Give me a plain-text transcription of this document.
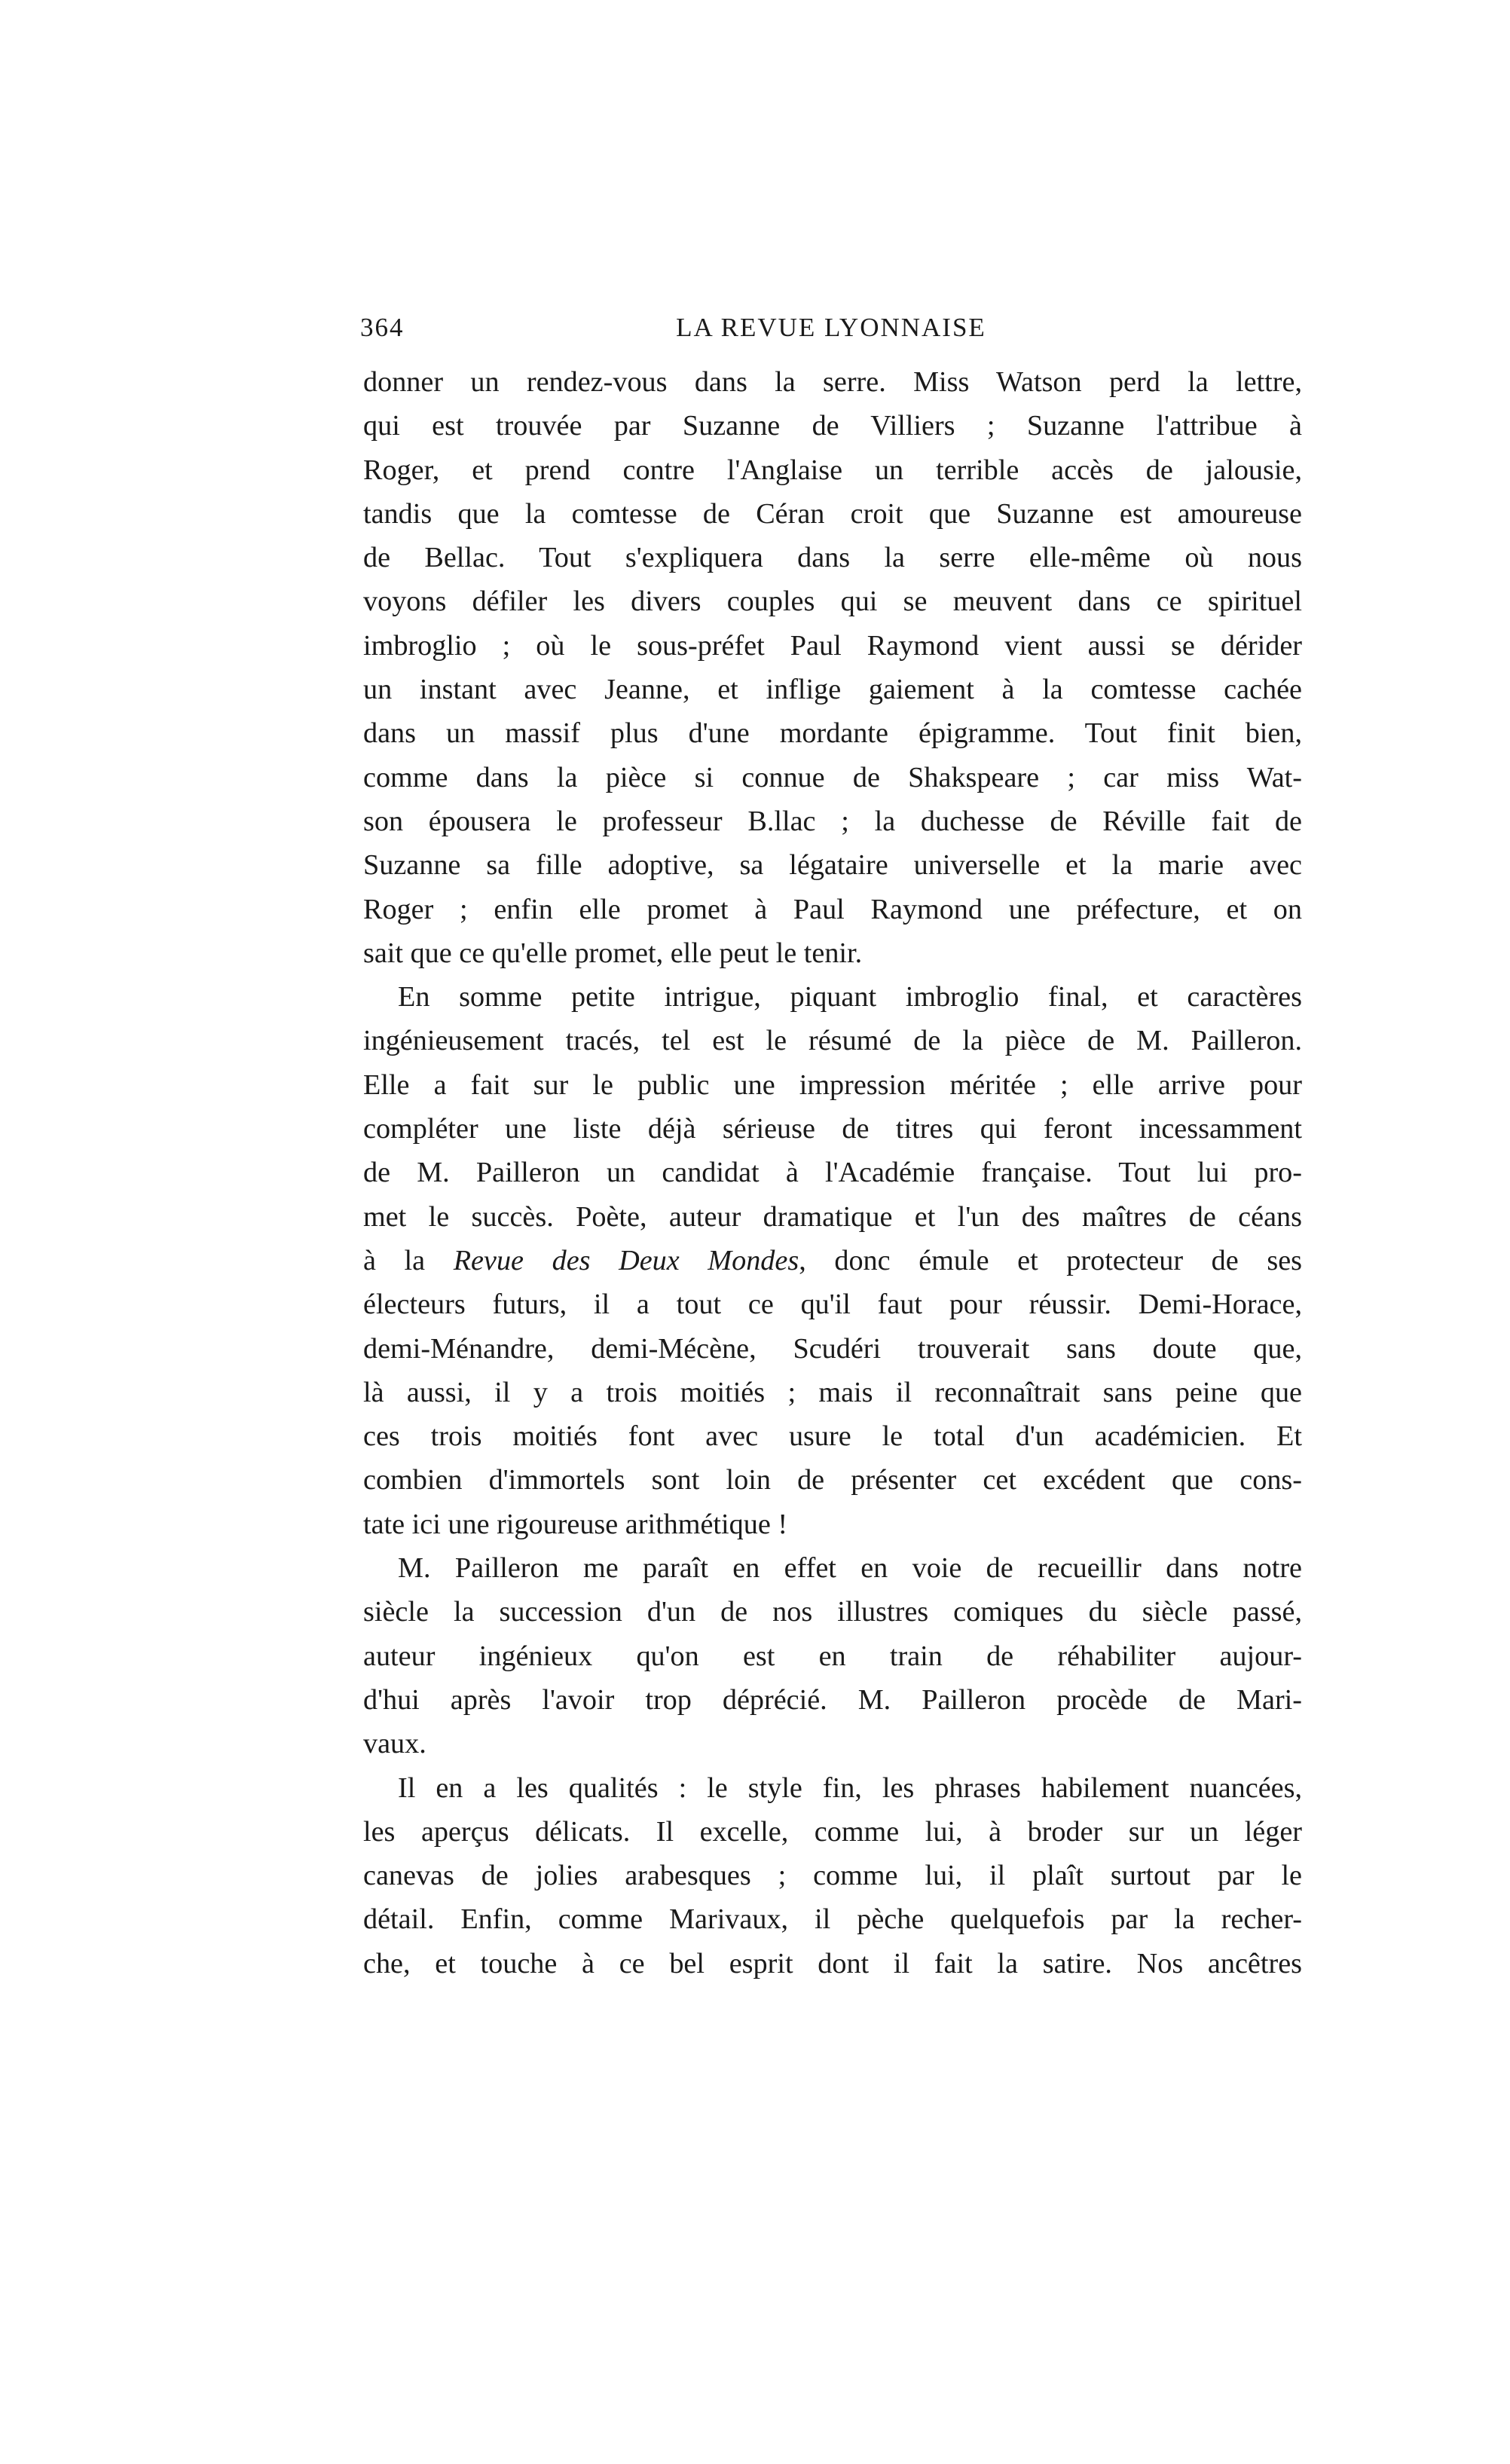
364	LA REVUE LYONNAISE
donner un rendez-vous dans la serre. Miss Watson perd la lettre,
qui est trouvée par Suzanne de Villiers ; Suzanne l'attribue à
Roger, et prend contre l'Anglaise un terrible accès de jalousie,
tandis que la comtesse de Céran croit que Suzanne est amoureuse
de Bellac. Tout s'expliquera dans la serre elle-même où nous
voyons défiler les divers couples qui se meuvent dans ce spirituel
imbroglio ; où le sous-préfet Paul Raymond vient aussi se dérider
un instant avec Jeanne, et inflige gaiement à la comtesse cachée
dans un massif plus d'une mordante épigramme. Tout finit bien,
comme dans la pièce si connue de Shakspeare ; car miss Wat-
son épousera le professeur B.llac ; la duchesse de Réville fait de
Suzanne sa fille adoptive, sa légataire universelle et la marie avec
Roger ; enfin elle promet à Paul Raymond une préfecture, et on
sait que ce qu'elle promet, elle peut le tenir.
En somme petite intrigue, piquant imbroglio final, et caractères
ingénieusement tracés, tel est le résumé de la pièce de M. Pailleron.
Elle a fait sur le public une impression méritée ; elle arrive pour
compléter une liste déjà sérieuse de titres qui feront incessamment
de M. Pailleron un candidat à l'Académie française. Tout lui pro-
met le succès. Poète, auteur dramatique et l'un des maîtres de céans
à la Revue des Deux Mondes, donc émule et protecteur de ses
électeurs futurs, il a tout ce qu'il faut pour réussir. Demi-Horace,
demi-Ménandre, demi-Mécène, Scudéri trouverait sans doute que,
là aussi, il y a trois moitiés ; mais il reconnaîtrait sans peine que
ces trois moitiés font avec usure le total d'un académicien. Et
combien d'immortels sont loin de présenter cet excédent que cons-
tate ici une rigoureuse arithmétique !
M. Pailleron me paraît en effet en voie de recueillir dans notre
siècle la succession d'un de nos illustres comiques du siècle passé,
auteur ingénieux qu'on est en train de réhabiliter aujour-
d'hui après l'avoir trop déprécié. M. Pailleron procède de Mari-
vaux.
Il en a les qualités : le style fin, les phrases habilement nuancées,
les aperçus délicats. Il excelle, comme lui, à broder sur un léger
canevas de jolies arabesques ; comme lui, il plaît surtout par le
détail. Enfin, comme Marivaux, il pèche quelquefois par la recher-
che, et touche à ce bel esprit dont il fait la satire. Nos ancêtres
